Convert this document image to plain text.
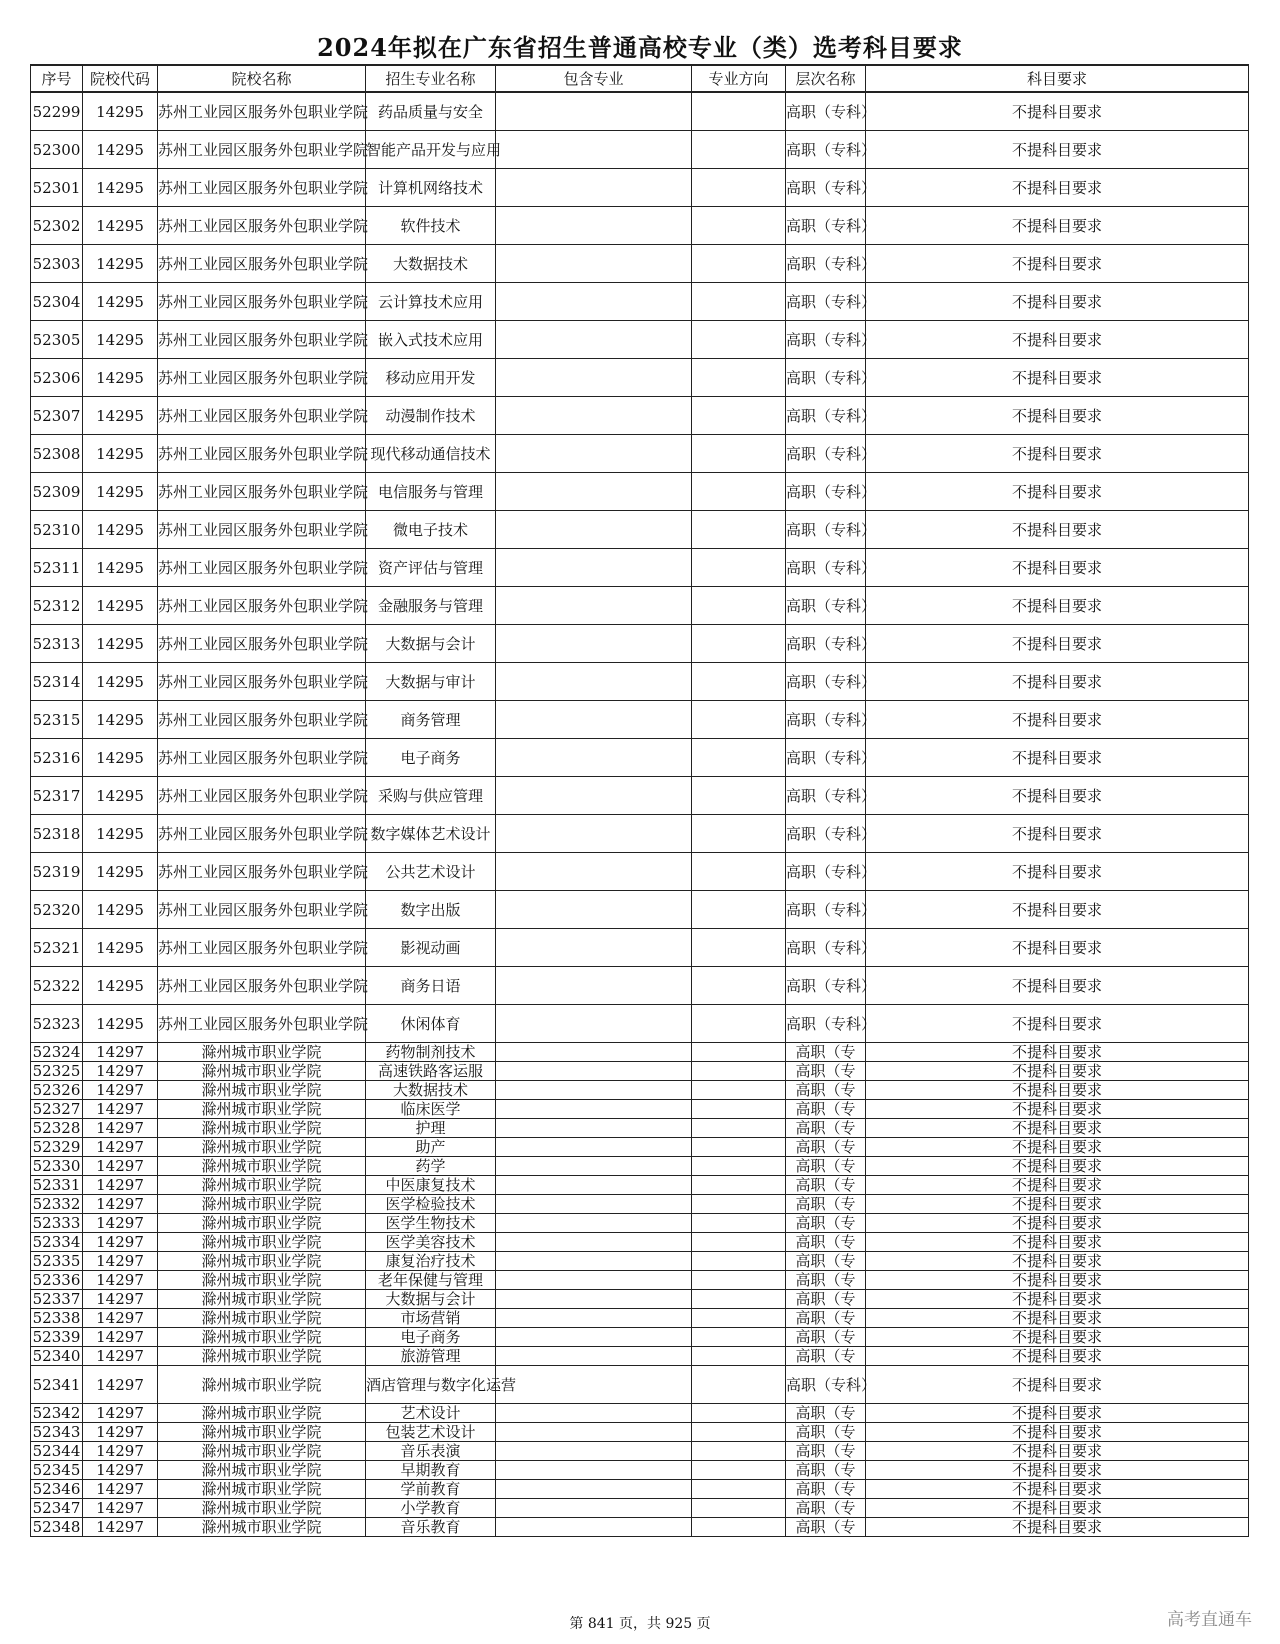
2024年拟在广东省招生普通高校专业（类）选考科目要求
序号	院校代码	院校名称	招生专业名称	包含专业	专业方向	层次名称	科目要求
52299	14295	苏州工业园区服务外包职业学院	药品质量与安全			高职（专科）	不提科目要求
52300	14295	苏州工业园区服务外包职业学院	智能产品开发与应用			高职（专科）	不提科目要求
52301	14295	苏州工业园区服务外包职业学院	计算机网络技术			高职（专科）	不提科目要求
52302	14295	苏州工业园区服务外包职业学院	软件技术			高职（专科）	不提科目要求
52303	14295	苏州工业园区服务外包职业学院	大数据技术			高职（专科）	不提科目要求
52304	14295	苏州工业园区服务外包职业学院	云计算技术应用			高职（专科）	不提科目要求
52305	14295	苏州工业园区服务外包职业学院	嵌入式技术应用			高职（专科）	不提科目要求
52306	14295	苏州工业园区服务外包职业学院	移动应用开发			高职（专科）	不提科目要求
52307	14295	苏州工业园区服务外包职业学院	动漫制作技术			高职（专科）	不提科目要求
52308	14295	苏州工业园区服务外包职业学院	现代移动通信技术			高职（专科）	不提科目要求
52309	14295	苏州工业园区服务外包职业学院	电信服务与管理			高职（专科）	不提科目要求
52310	14295	苏州工业园区服务外包职业学院	微电子技术			高职（专科）	不提科目要求
52311	14295	苏州工业园区服务外包职业学院	资产评估与管理			高职（专科）	不提科目要求
52312	14295	苏州工业园区服务外包职业学院	金融服务与管理			高职（专科）	不提科目要求
52313	14295	苏州工业园区服务外包职业学院	大数据与会计			高职（专科）	不提科目要求
52314	14295	苏州工业园区服务外包职业学院	大数据与审计			高职（专科）	不提科目要求
52315	14295	苏州工业园区服务外包职业学院	商务管理			高职（专科）	不提科目要求
52316	14295	苏州工业园区服务外包职业学院	电子商务			高职（专科）	不提科目要求
52317	14295	苏州工业园区服务外包职业学院	采购与供应管理			高职（专科）	不提科目要求
52318	14295	苏州工业园区服务外包职业学院	数字媒体艺术设计			高职（专科）	不提科目要求
52319	14295	苏州工业园区服务外包职业学院	公共艺术设计			高职（专科）	不提科目要求
52320	14295	苏州工业园区服务外包职业学院	数字出版			高职（专科）	不提科目要求
52321	14295	苏州工业园区服务外包职业学院	影视动画			高职（专科）	不提科目要求
52322	14295	苏州工业园区服务外包职业学院	商务日语			高职（专科）	不提科目要求
52323	14295	苏州工业园区服务外包职业学院	休闲体育			高职（专科）	不提科目要求
52324	14297	滁州城市职业学院	药物制剂技术			高职（专	不提科目要求
52325	14297	滁州城市职业学院	高速铁路客运服			高职（专	不提科目要求
52326	14297	滁州城市职业学院	大数据技术			高职（专	不提科目要求
52327	14297	滁州城市职业学院	临床医学			高职（专	不提科目要求
52328	14297	滁州城市职业学院	护理			高职（专	不提科目要求
52329	14297	滁州城市职业学院	助产			高职（专	不提科目要求
52330	14297	滁州城市职业学院	药学			高职（专	不提科目要求
52331	14297	滁州城市职业学院	中医康复技术			高职（专	不提科目要求
52332	14297	滁州城市职业学院	医学检验技术			高职（专	不提科目要求
52333	14297	滁州城市职业学院	医学生物技术			高职（专	不提科目要求
52334	14297	滁州城市职业学院	医学美容技术			高职（专	不提科目要求
52335	14297	滁州城市职业学院	康复治疗技术			高职（专	不提科目要求
52336	14297	滁州城市职业学院	老年保健与管理			高职（专	不提科目要求
52337	14297	滁州城市职业学院	大数据与会计			高职（专	不提科目要求
52338	14297	滁州城市职业学院	市场营销			高职（专	不提科目要求
52339	14297	滁州城市职业学院	电子商务			高职（专	不提科目要求
52340	14297	滁州城市职业学院	旅游管理			高职（专	不提科目要求
52341	14297	滁州城市职业学院	酒店管理与数字化运营			高职（专科）	不提科目要求
52342	14297	滁州城市职业学院	艺术设计			高职（专	不提科目要求
52343	14297	滁州城市职业学院	包装艺术设计			高职（专	不提科目要求
52344	14297	滁州城市职业学院	音乐表演			高职（专	不提科目要求
52345	14297	滁州城市职业学院	早期教育			高职（专	不提科目要求
52346	14297	滁州城市职业学院	学前教育			高职（专	不提科目要求
52347	14297	滁州城市职业学院	小学教育			高职（专	不提科目要求
52348	14297	滁州城市职业学院	音乐教育			高职（专	不提科目要求
第 841 页，共 925 页	高考直通车
